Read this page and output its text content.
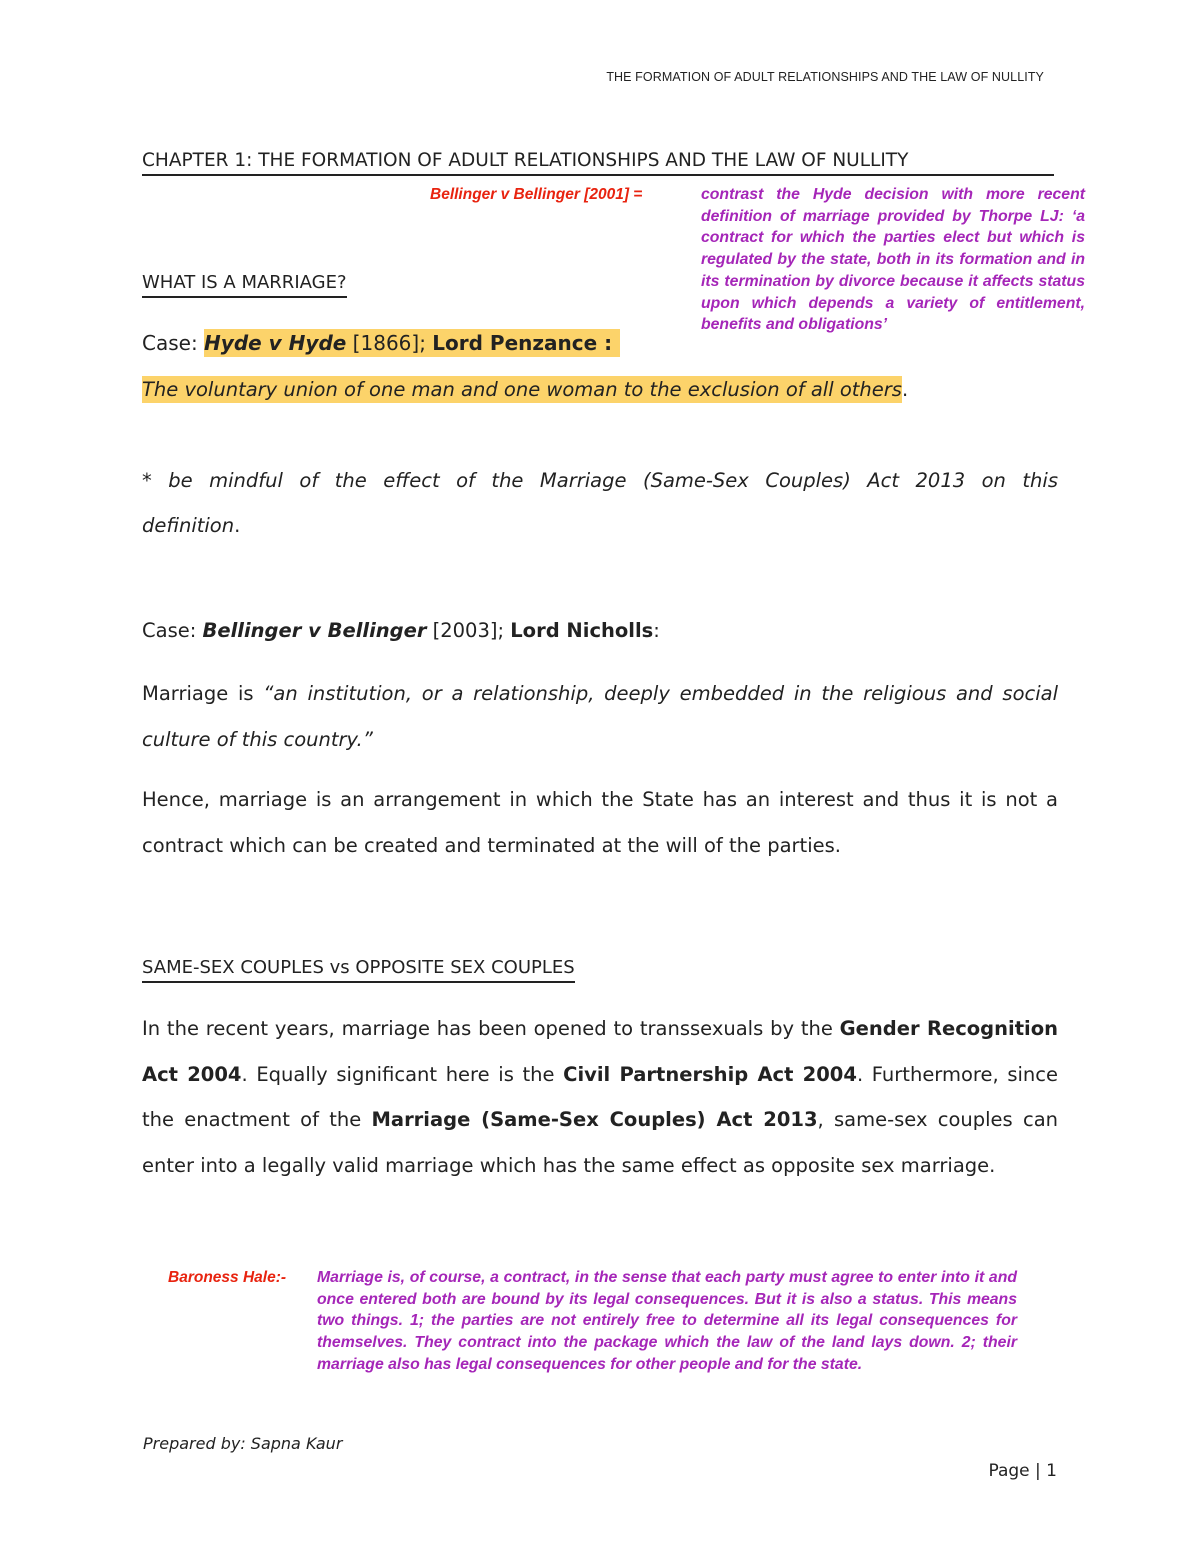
THE FORMATION OF ADULT RELATIONSHIPS AND THE LAW OF NULLITY
CHAPTER 1: THE FORMATION OF ADULT RELATIONSHIPS AND THE LAW OF NULLITY
Bellinger v Bellinger [2001] =	contrast the Hyde decision with more recent definition of marriage provided by Thorpe LJ: ‘a contract for which the parties elect but which is regulated by the state, both in its formation and in its termination by divorce because it affects status upon which depends a variety of entitlement, benefits and obligations’
WHAT IS A MARRIAGE?
Case: Hyde v Hyde [1866]; Lord Penzance :
The voluntary union of one man and one woman to the exclusion of all others.
* be mindful of the effect of the Marriage (Same-Sex Couples) Act 2013 on this
definition.
Case: Bellinger v Bellinger [2003]; Lord Nicholls:
Marriage is “an institution, or a relationship, deeply embedded in the religious and social culture of this country.”
Hence, marriage is an arrangement in which the State has an interest and thus it is not a contract which can be created and terminated at the will of the parties.
SAME-SEX COUPLES vs OPPOSITE SEX COUPLES
In the recent years, marriage has been opened to transsexuals by the Gender Recognition Act 2004. Equally significant here is the Civil Partnership Act 2004. Furthermore, since the enactment of the Marriage (Same-Sex Couples) Act 2013, same-sex couples can enter into a legally valid marriage which has the same effect as opposite sex marriage.
Baroness Hale:- Marriage is, of course, a contract, in the sense that each party must agree to enter into it and once entered both are bound by its legal consequences. But it is also a status. This means two things. 1; the parties are not entirely free to determine all its legal consequences for themselves. They contract into the package which the law of the land lays down. 2; their marriage also has legal consequences for other people and for the state.
Prepared by: Sapna Kaur
Page | 1
